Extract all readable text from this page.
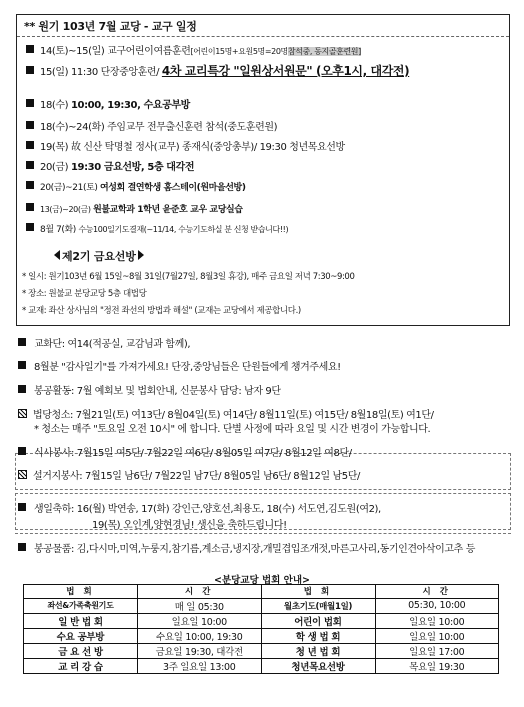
** 원기 103년 7월 교당 - 교구 일정
14(토)~15(일) 교구어린이여름훈련[어린이15명+요원5명=20명참석중, 동지골훈련원]
15(일) 11:30 단장중앙훈련/ 4차 교리특강 "일원상서원문" (오후1시, 대각전)
18(수) 10:00, 19:30, 수요공부방
18(수)~24(화) 주임교무 전무출신훈련 참석(중도훈련원)
19(목) 故 신산 탁명철 정사(교무) 종재식(중앙총부)/ 19:30 청년목요선방
20(금) 19:30 금요선방, 5층 대각전
20(금)~21(토) 여성회 결연학생 홈스테이(원마을선방)
13(금)~20(금) 원불교학과 1학년 윤준호 교우 교당실습
8월 7(화) 수능100일기도결재(~11/14, 수능기도하실 분 신청 받습니다!!)
제2기 금요선방
* 일시: 원기103년 6월 15일~8월 31일(7월27일, 8월3일 휴강), 매주 금요일 저녁 7:30~9:00
* 장소: 원불교 분당교당 5층 대법당
* 교재: 좌산 상사님의 "정전 좌선의 방법과 해설" (교재는 교당에서 제공합니다.)
교화단: 여14(적공실, 교감님과 함께),
8월분 "감사일기"를 가져가세요! 단장,중앙님들은 단원들에게 챙겨주세요!
봉공활동: 7월 예회보 및 법회안내, 신문봉사 담당: 남자 9단
법당청소: 7월21일(토) 여13단/ 8월04일(토) 여14단/ 8월11일(토) 여15단/ 8월18일(토) 여1단/
* 청소는 매주 "토요일 오전 10시" 에 합니다. 단별 사정에 따라 요일 및 시간 변경이 가능합니다.
식사봉사: 7월15일 여5단/ 7월22일 여6단/ 8월05일 여7단/ 8월12일 여8단/
설거지봉사: 7월15일 남6단/ 7월22일 남7단/ 8월05일 남6단/ 8월12일 남5단/
생일축하: 16(월) 박연송, 17(화) 강인근,양호선,최용도, 18(수) 서도연,김도원(여2),
19(목) 오인계,양현경님! 생신을 축하드립니다!
봉공물품: 김,다시마,미역,누룽지,참기름,계소금,냉지장,개밀겹입조개젓,마른고사리,동기인견아삭이고추 등
<분당교당 법회 안내>
법 회	시 간	법 회	시 간
좌선&가족축원기도	매 일 05:30	월초기도(매월1일)	05:30, 10:00
일 반 법 회	일요일 10:00	어린이 법회	일요일 10:00
수요 공부방	수요일 10:00, 19:30	학 생 법 회	일요일 10:00
금 요 선 방	금요일 19:30, 대각전	청 년 법 회	일요일 17:00
교 리 강 습	3주 일요일 13:00	청년목요선방	목요일 19:30
